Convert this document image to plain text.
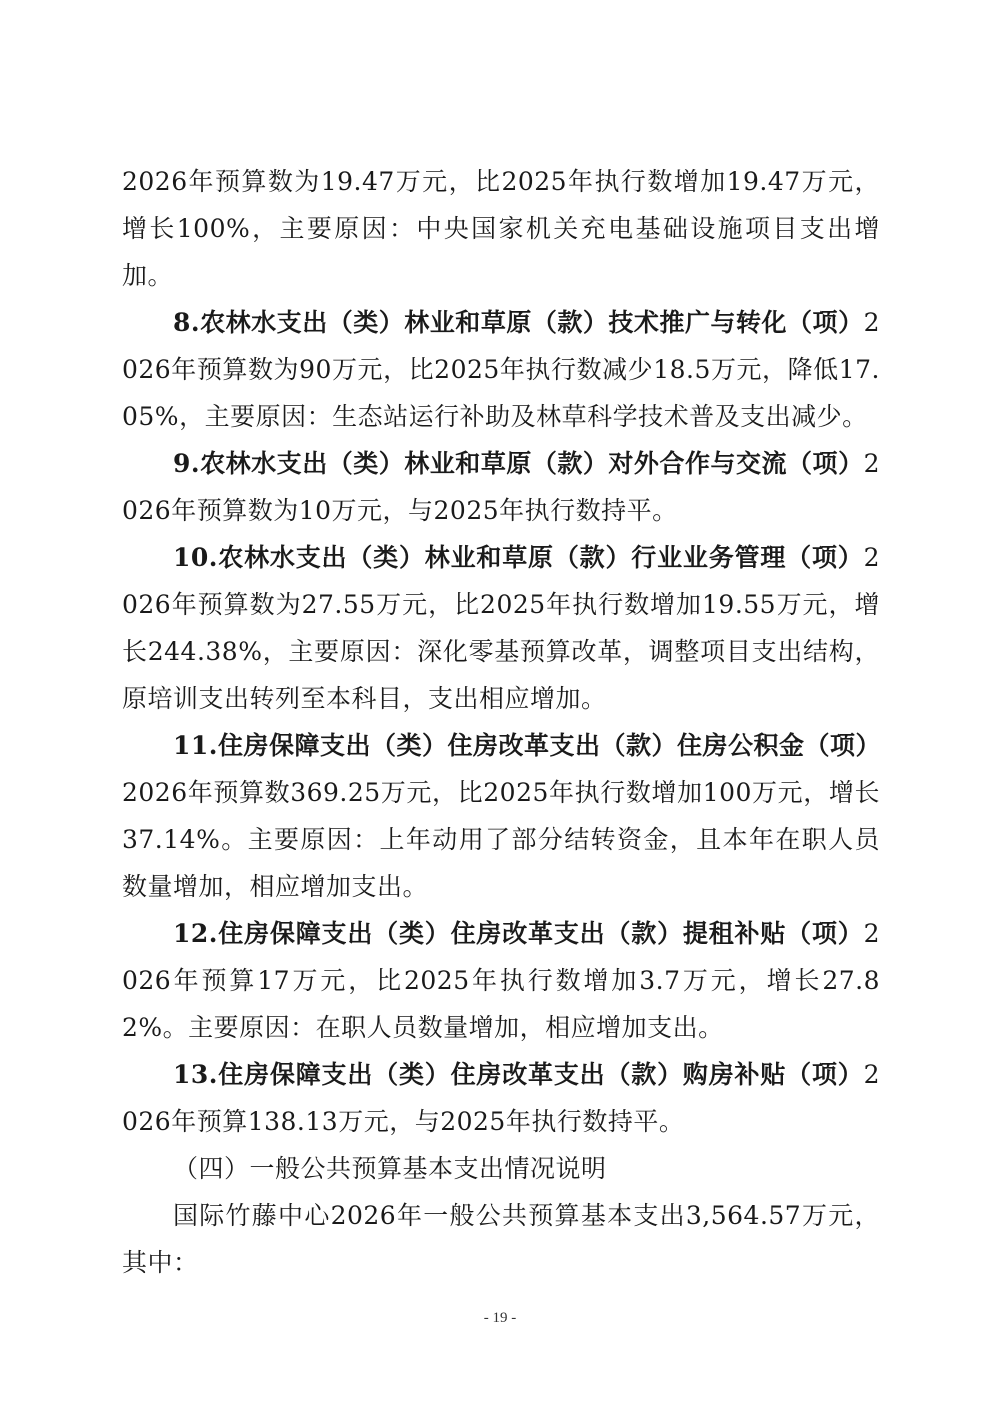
2026年预算数为19.47万元，比2025年执行数增加19.47万元，增长100%，主要原因：中央国家机关充电基础设施项目支出增加。

8.农林水支出（类）林业和草原（款）技术推广与转化（项）2026年预算数为90万元，比2025年执行数减少18.5万元，降低17.05%，主要原因：生态站运行补助及林草科学技术普及支出减少。

9.农林水支出（类）林业和草原（款）对外合作与交流（项）2026年预算数为10万元，与2025年执行数持平。

10.农林水支出（类）林业和草原（款）行业业务管理（项）2026年预算数为27.55万元，比2025年执行数增加19.55万元，增长244.38%，主要原因：深化零基预算改革，调整项目支出结构，原培训支出转列至本科目，支出相应增加。

11.住房保障支出（类）住房改革支出（款）住房公积金（项）2026年预算数369.25万元，比2025年执行数增加100万元，增长37.14%。主要原因：上年动用了部分结转资金，且本年在职人员数量增加，相应增加支出。

12.住房保障支出（类）住房改革支出（款）提租补贴（项）2026年预算17万元，比2025年执行数增加3.7万元，增长27.82%。主要原因：在职人员数量增加，相应增加支出。

13.住房保障支出（类）住房改革支出（款）购房补贴（项）2026年预算138.13万元，与2025年执行数持平。

（四）一般公共预算基本支出情况说明

国际竹藤中心2026年一般公共预算基本支出3,564.57万元，其中：

- 19 -
